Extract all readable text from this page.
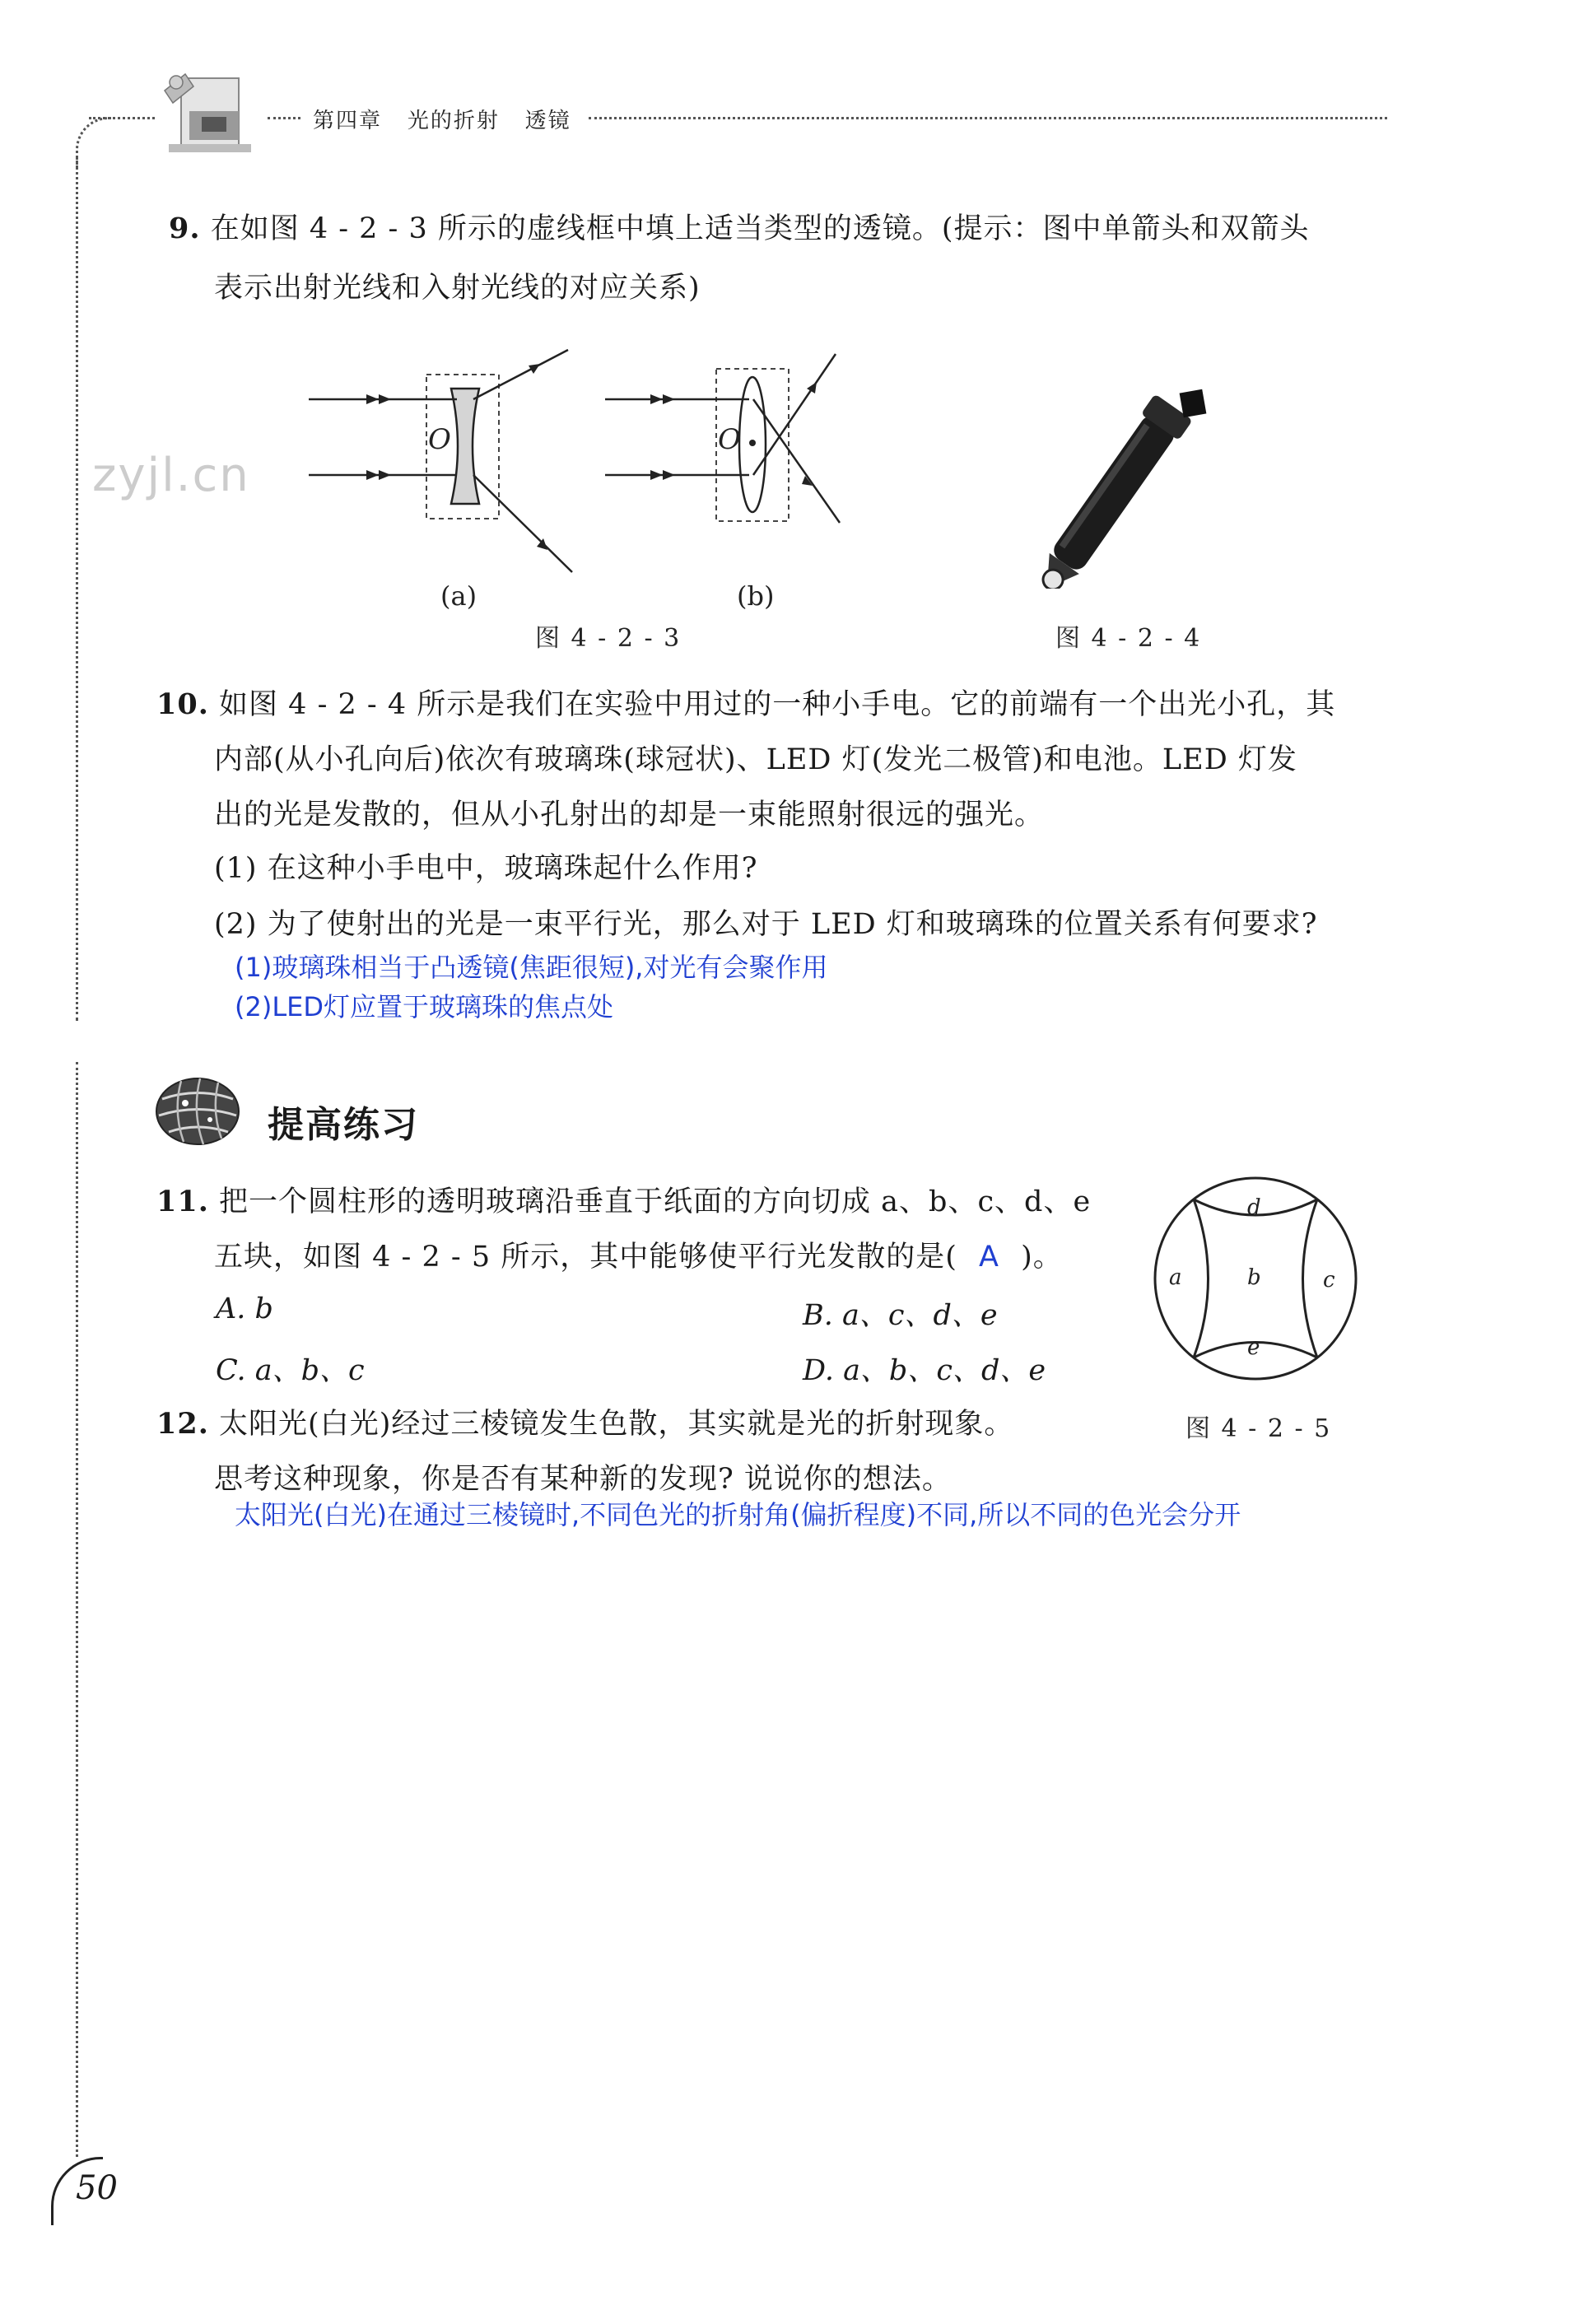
第四章 光的折射 透镜
zyjl.cn
9. 在如图 4 - 2 - 3 所示的虚线框中填上适当类型的透镜。(提示：图中单箭头和双箭头
表示出射光线和入射光线的对应关系)
O	O
(a)	(b)
图 4 - 2 - 3	图 4 - 2 - 4
10. 如图 4 - 2 - 4 所示是我们在实验中用过的一种小手电。它的前端有一个出光小孔，其
内部(从小孔向后)依次有玻璃珠(球冠状)、LED 灯(发光二极管)和电池。LED 灯发
出的光是发散的，但从小孔射出的却是一束能照射很远的强光。
(1) 在这种小手电中，玻璃珠起什么作用?
(2) 为了使射出的光是一束平行光，那么对于 LED 灯和玻璃珠的位置关系有何要求?
(1)玻璃珠相当于凸透镜(焦距很短),对光有会聚作用
(2)LED灯应置于玻璃珠的焦点处
提高练习
11. 把一个圆柱形的透明玻璃沿垂直于纸面的方向切成 a、b、c、d、e
五块，如图 4 - 2 - 5 所示，其中能够使平行光发散的是( A )。
A. b	B. a、c、d、e
C. a、b、c	D. a、b、c、d、e
d
a	b	c
e
图 4 - 2 - 5
12. 太阳光(白光)经过三棱镜发生色散，其实就是光的折射现象。
思考这种现象，你是否有某种新的发现? 说说你的想法。
太阳光(白光)在通过三棱镜时,不同色光的折射角(偏折程度)不同,所以不同的色光会分开
50
